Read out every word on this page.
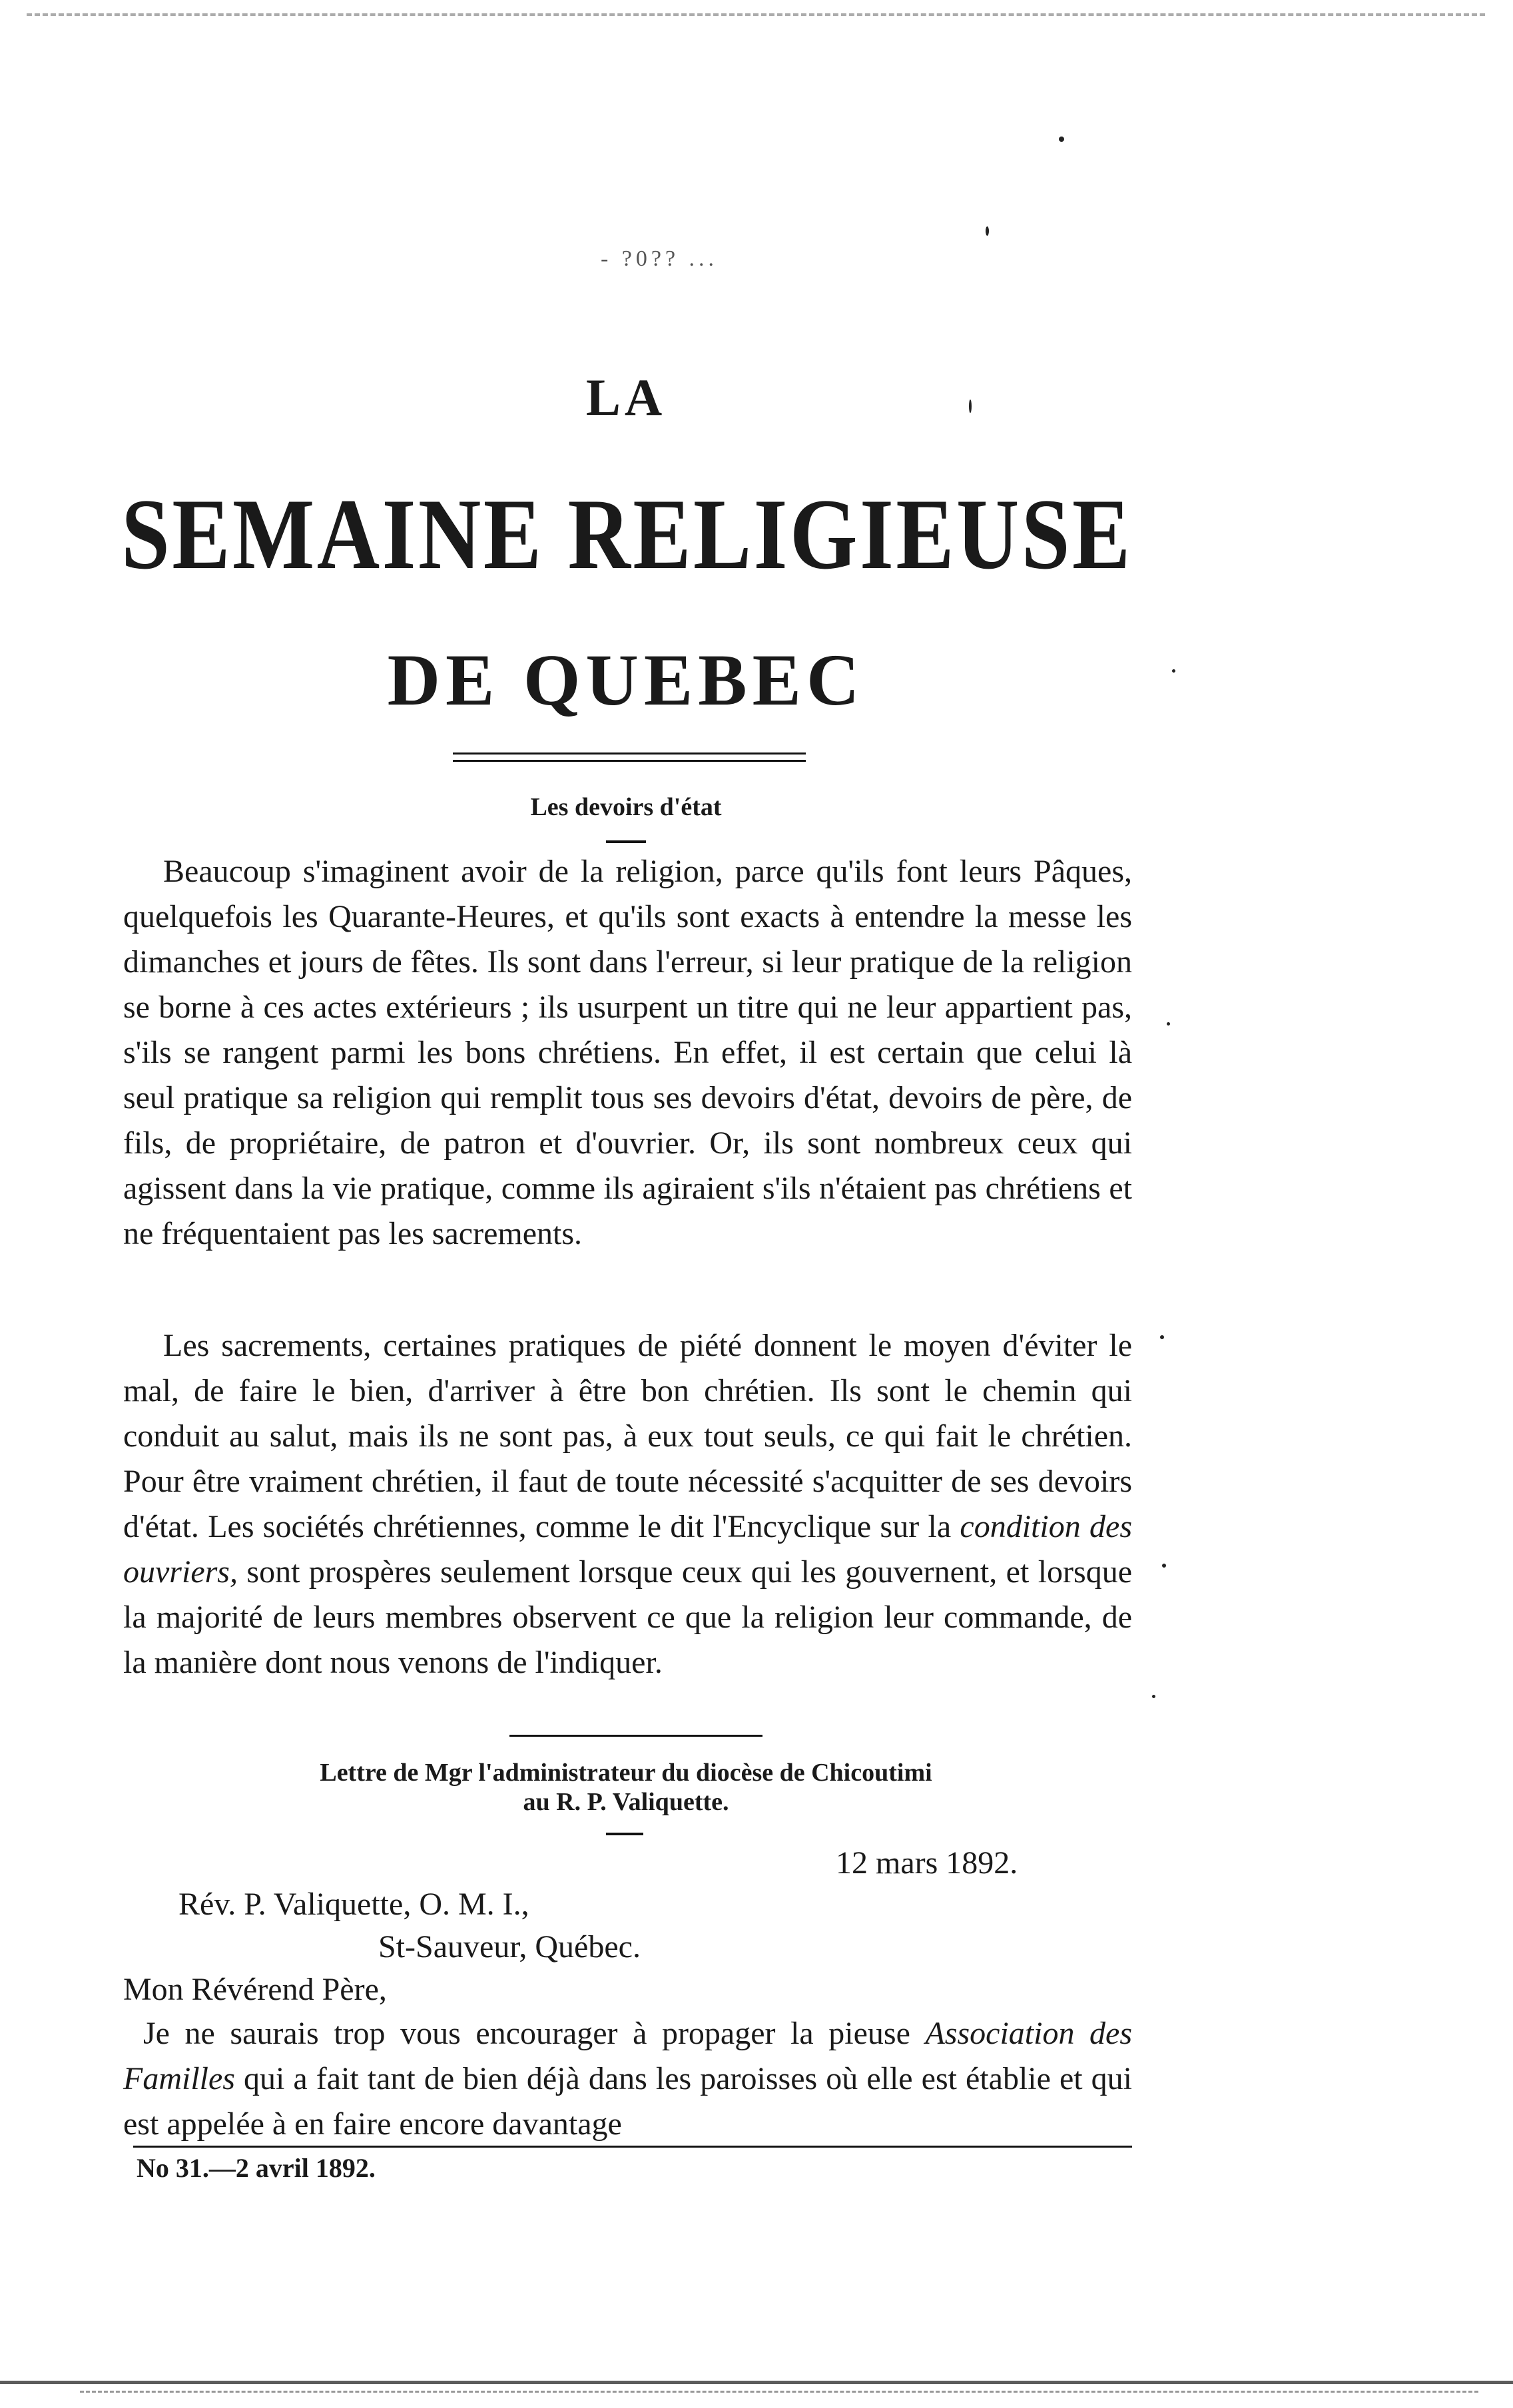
- ?0?? ...
LA
SEMAINE RELIGIEUSE
DE QUEBEC
Les devoirs d'état
Beaucoup s'imaginent avoir de la religion, parce qu'ils font leurs Pâques, quelquefois les Quarante-Heures, et qu'ils sont exacts à entendre la messe les dimanches et jours de fêtes. Ils sont dans l'erreur, si leur pratique de la religion se borne à ces actes extérieurs ; ils usurpent un titre qui ne leur appartient pas, s'ils se rangent parmi les bons chrétiens. En effet, il est certain que celui là seul pratique sa religion qui remplit tous ses devoirs d'état, devoirs de père, de fils, de propriétaire, de patron et d'ouvrier. Or, ils sont nombreux ceux qui agissent dans la vie pratique, comme ils agiraient s'ils n'étaient pas chrétiens et ne fréquentaient pas les sacrements.
Les sacrements, certaines pratiques de piété donnent le moyen d'éviter le mal, de faire le bien, d'arriver à être bon chrétien. Ils sont le chemin qui conduit au salut, mais ils ne sont pas, à eux tout seuls, ce qui fait le chrétien. Pour être vraiment chrétien, il faut de toute nécessité s'acquitter de ses devoirs d'état. Les sociétés chrétiennes, comme le dit l'Encyclique sur la condition des ouvriers, sont prospères seulement lorsque ceux qui les gouvernent, et lorsque la majorité de leurs membres observent ce que la religion leur commande, de la manière dont nous venons de l'indiquer.
Lettre de Mgr l'administrateur du diocèse de Chicoutimi
au R. P. Valiquette.
12 mars 1892.
Rév. P. Valiquette, O. M. I.,
St-Sauveur, Québec.
Mon Révérend Père,
Je ne saurais trop vous encourager à propager la pieuse Association des Familles qui a fait tant de bien déjà dans les paroisses où elle est établie et qui est appelée à en faire encore davantage
No 31.—2 avril 1892.
